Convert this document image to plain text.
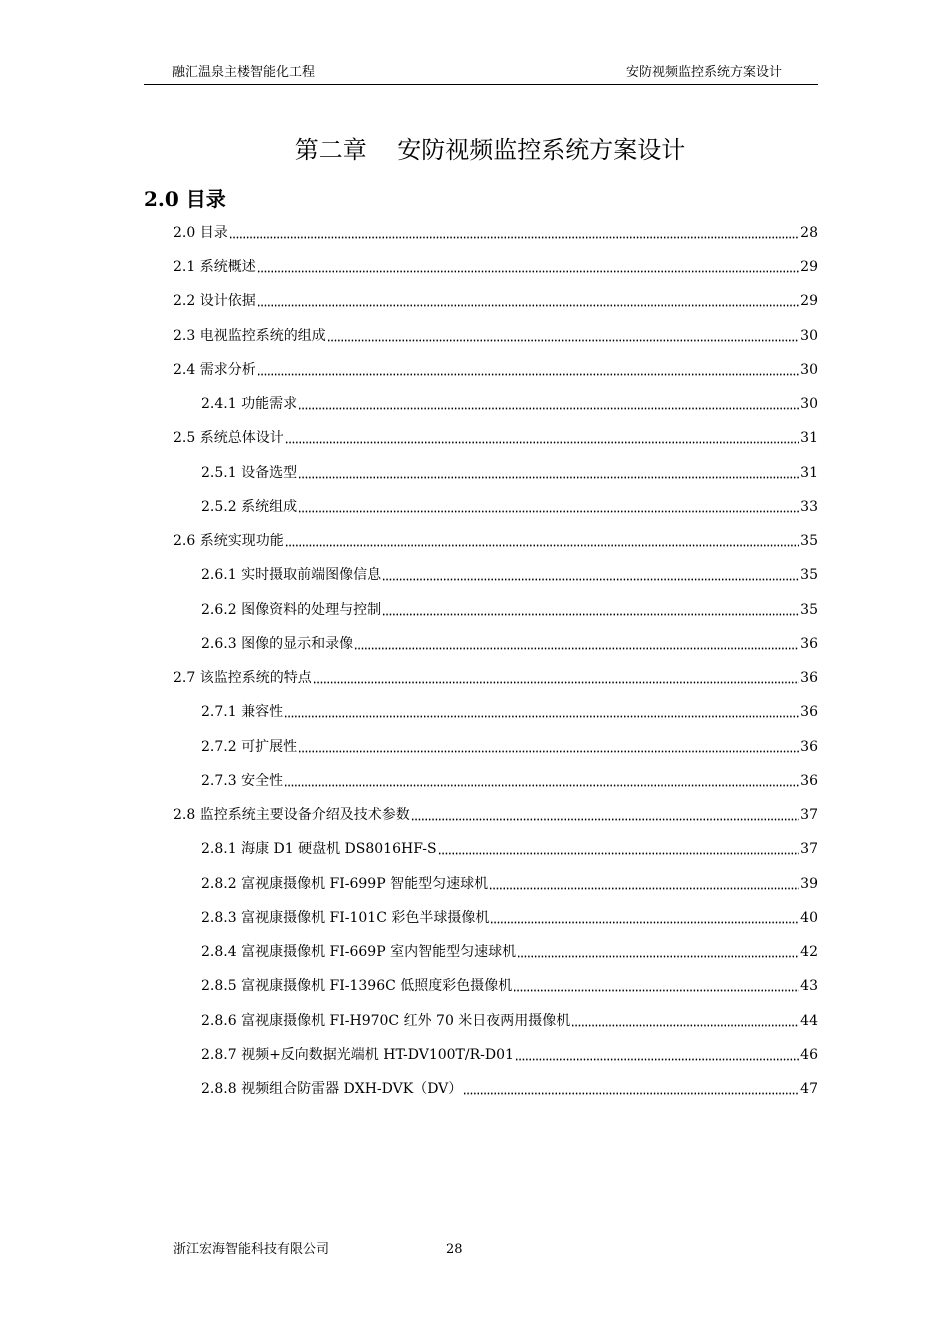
融汇温泉主楼智能化工程	安防视频监控系统方案设计
第二章    安防视频监控系统方案设计
2.0 目录
2.0 目录	28
2.1 系统概述	29
2.2 设计依据	29
2.3 电视监控系统的组成	30
2.4 需求分析	30
2.4.1 功能需求	30
2.5 系统总体设计	31
2.5.1 设备选型	31
2.5.2 系统组成	33
2.6 系统实现功能	35
2.6.1 实时摄取前端图像信息	35
2.6.2 图像资料的处理与控制	35
2.6.3 图像的显示和录像	36
2.7 该监控系统的特点	36
2.7.1 兼容性	36
2.7.2 可扩展性	36
2.7.3 安全性	36
2.8 监控系统主要设备介绍及技术参数	37
2.8.1 海康 D1 硬盘机 DS8016HF-S	37
2.8.2 富视康摄像机 FI-699P 智能型匀速球机	39
2.8.3 富视康摄像机 FI-101C 彩色半球摄像机	40
2.8.4 富视康摄像机 FI-669P 室内智能型匀速球机	42
2.8.5 富视康摄像机 FI-1396C 低照度彩色摄像机	43
2.8.6 富视康摄像机 FI-H970C 红外 70 米日夜两用摄像机	44
2.8.7 视频+反向数据光端机 HT-DV100T/R-D01	46
2.8.8 视频组合防雷器 DXH-DVK（DV）	47
浙江宏海智能科技有限公司	28
